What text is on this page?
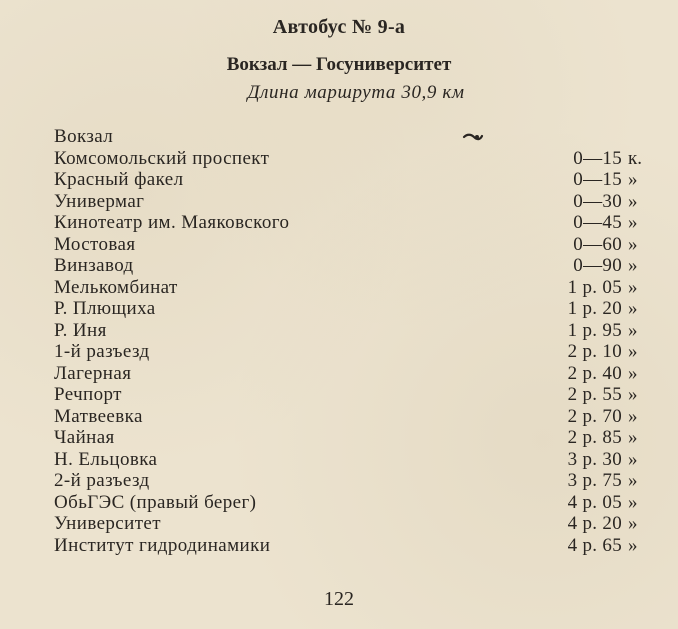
Автобус № 9-а
Вокзал — Госуниверситет
Длина маршрута 30,9 км
Вокзал
Комсомольский проспект	0—15 к.
Красный факел	0—15 »
Универмаг	0—30 »
Кинотеатр им. Маяковского	0—45 »
Мостовая	0—60 »
Винзавод	0—90 »
Мелькомбинат	1 р. 05 »
Р. Плющиха	1 р. 20 »
Р. Иня	1 р. 95 »
1-й разъезд	2 р. 10 »
Лагерная	2 р. 40 »
Речпорт	2 р. 55 »
Матвеевка	2 р. 70 »
Чайная	2 р. 85 »
Н. Ельцовка	3 р. 30 »
2-й разъезд	3 р. 75 »
ОбьГЭС (правый берег)	4 р. 05 »
Университет	4 р. 20 »
Институт гидродинамики	4 р. 65 »
122
